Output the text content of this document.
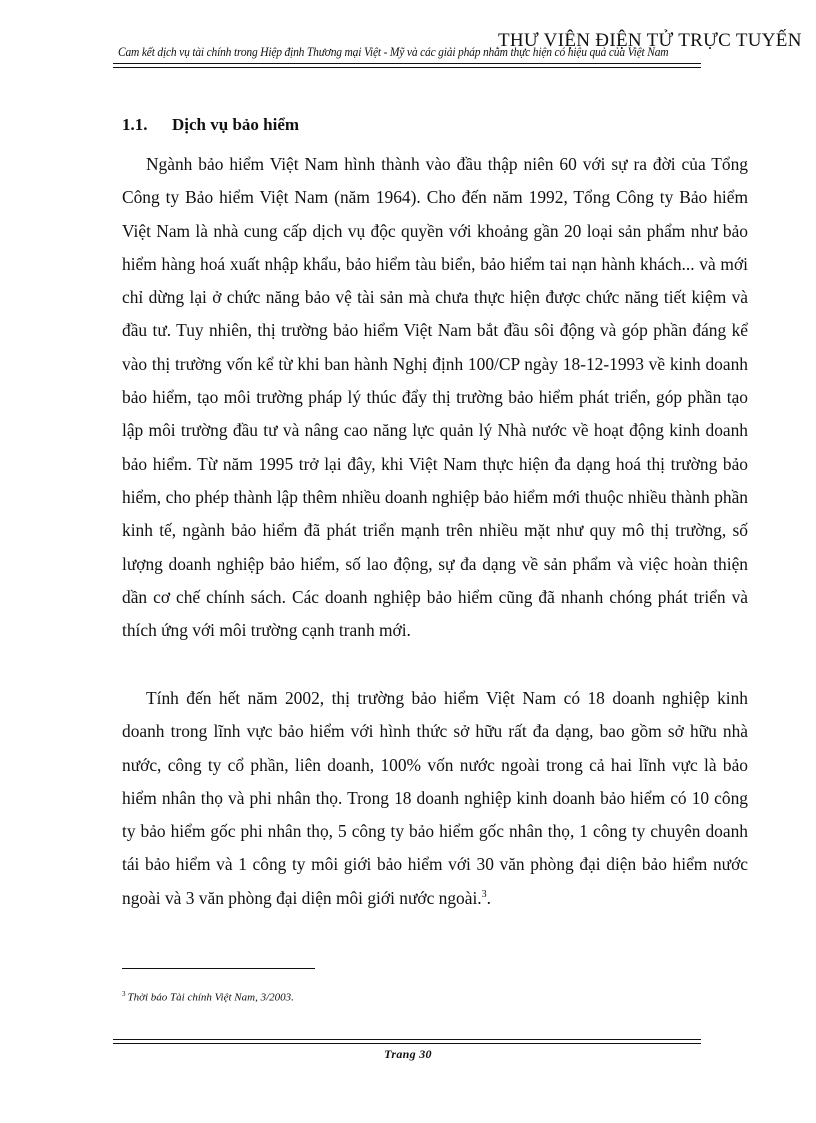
Cam kết dịch vụ tài chính trong Hiệp định Thương mại Việt - Mỹ và các giải pháp nhằm thực hiện có hiệu quả của Việt Nam
THƯ VIỆN ĐIỆN TỬ TRỰC TUYẾN
1.1. Dịch vụ bảo hiểm

Ngành bảo hiểm Việt Nam hình thành vào đầu thập niên 60 với sự ra đời của Tổng Công ty Bảo hiểm Việt Nam (năm 1964). Cho đến năm 1992, Tổng Công ty Bảo hiểm Việt Nam là nhà cung cấp dịch vụ độc quyền với khoảng gần 20 loại sản phẩm như bảo hiểm hàng hoá xuất nhập khẩu, bảo hiểm tàu biển, bảo hiểm tai nạn hành khách... và mới chỉ dừng lại ở chức năng bảo vệ tài sản mà chưa thực hiện được chức năng tiết kiệm và đầu tư. Tuy nhiên, thị trường bảo hiểm Việt Nam bắt đầu sôi động và góp phần đáng kể vào thị trường vốn kể từ khi ban hành Nghị định 100/CP ngày 18-12-1993 về kinh doanh bảo hiểm, tạo môi trường pháp lý thúc đẩy thị trường bảo hiểm phát triển, góp phần tạo lập môi trường đầu tư và nâng cao năng lực quản lý Nhà nước về hoạt động kinh doanh bảo hiểm. Từ năm 1995 trở lại đây, khi Việt Nam thực hiện đa dạng hoá thị trường bảo hiểm, cho phép thành lập thêm nhiều doanh nghiệp bảo hiểm mới thuộc nhiều thành phần kinh tế, ngành bảo hiểm đã phát triển mạnh trên nhiều mặt như quy mô thị trường, số lượng doanh nghiệp bảo hiểm, số lao động, sự đa dạng về sản phẩm và việc hoàn thiện dần cơ chế chính sách. Các doanh nghiệp bảo hiểm cũng đã nhanh chóng phát triển và thích ứng với môi trường cạnh tranh mới.

Tính đến hết năm 2002, thị trường bảo hiểm Việt Nam có 18 doanh nghiệp kinh doanh trong lĩnh vực bảo hiểm với hình thức sở hữu rất đa dạng, bao gồm sở hữu nhà nước, công ty cổ phần, liên doanh, 100% vốn nước ngoài trong cả hai lĩnh vực là bảo hiểm nhân thọ và phi nhân thọ. Trong 18 doanh nghiệp kinh doanh bảo hiểm có 10 công ty bảo hiểm gốc phi nhân thọ, 5 công ty bảo hiểm gốc nhân thọ, 1 công ty chuyên doanh tái bảo hiểm và 1 công ty môi giới bảo hiểm với 30 văn phòng đại diện bảo hiểm nước ngoài và 3 văn phòng đại diện môi giới nước ngoài.$^3$.

$^3$ Thời báo Tài chính Việt Nam, 3/2003.
Trang 30
